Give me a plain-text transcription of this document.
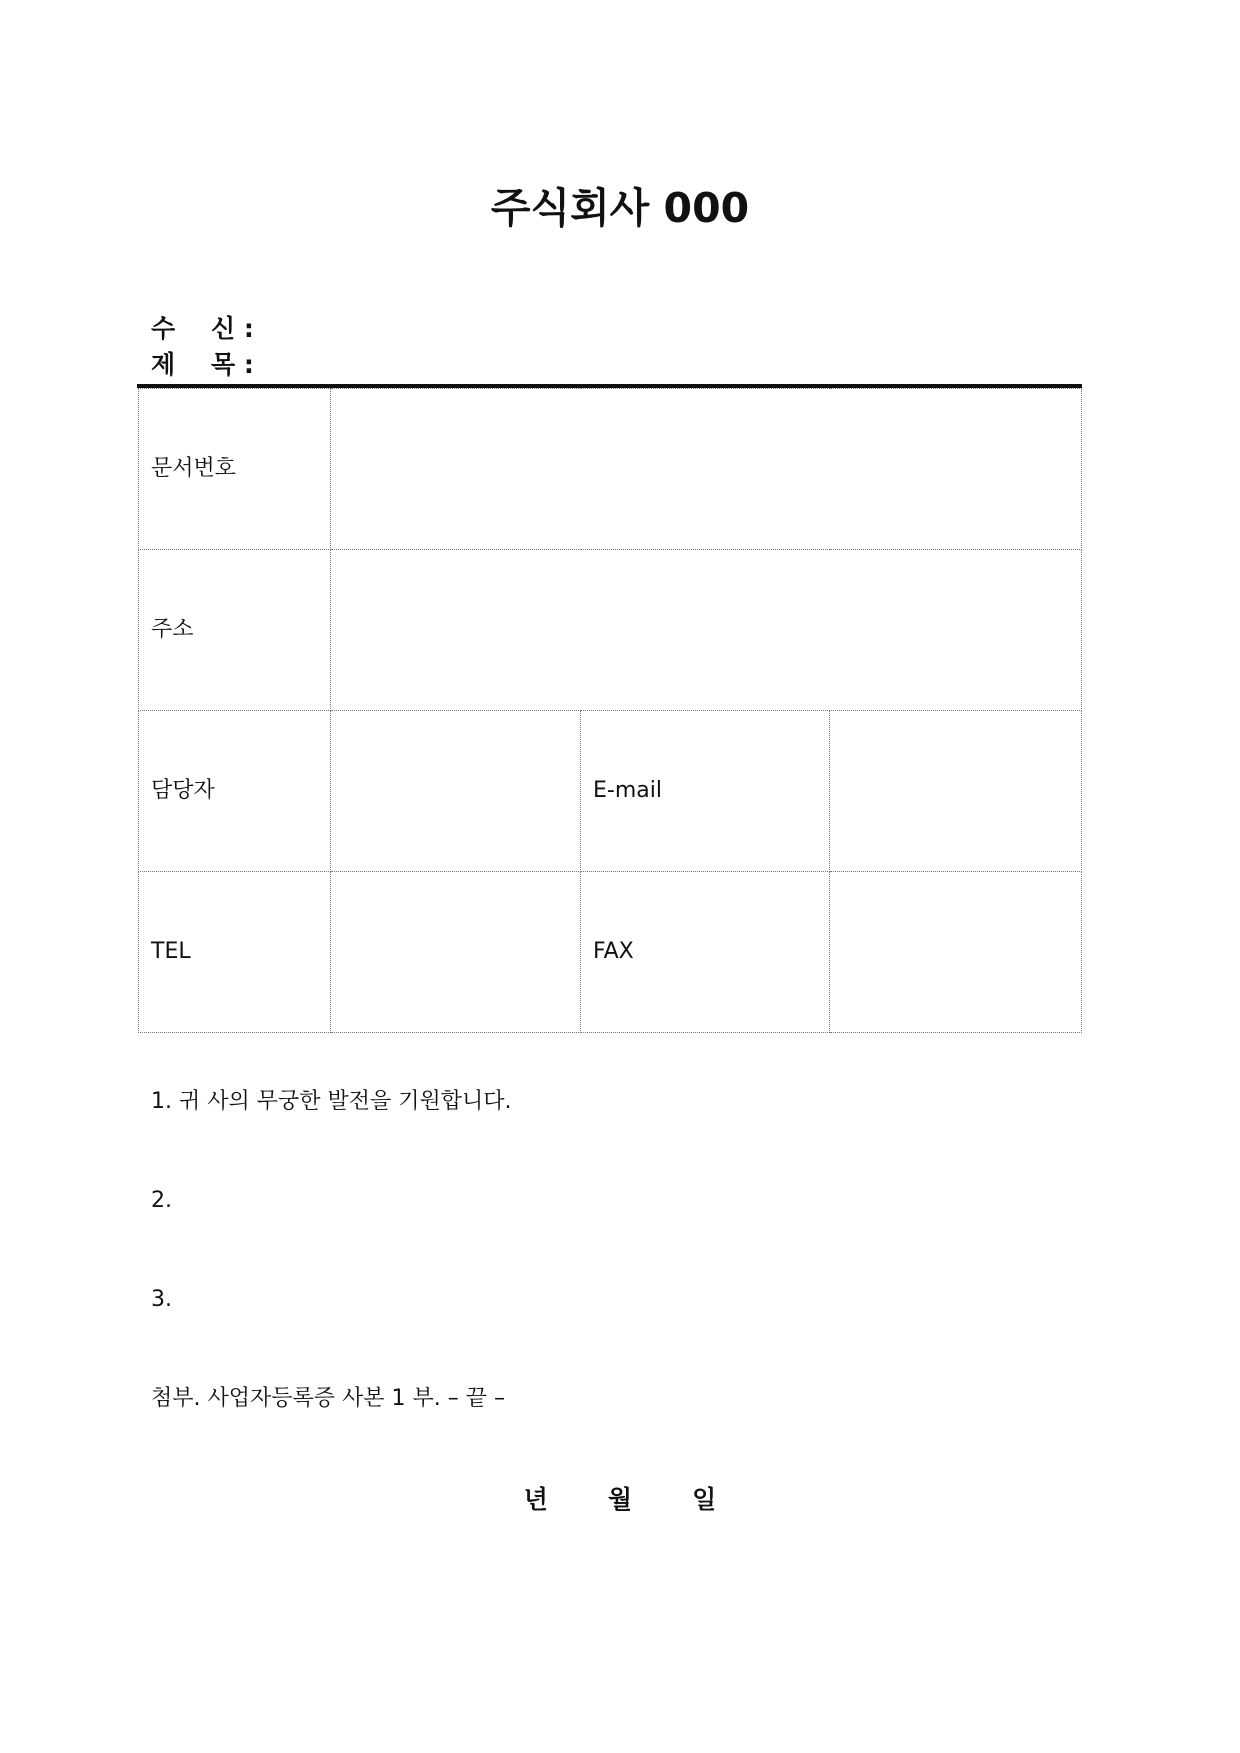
주식회사 000
수 신 :
제 목 :
문서번호			
주소			
담당자		E-mail	
TEL		FAX	
1. 귀 사의 무궁한 발전을 기원합니다.
2.
3.
첨부. 사업자등록증 사본 1 부. – 끝 –
년 월 일
